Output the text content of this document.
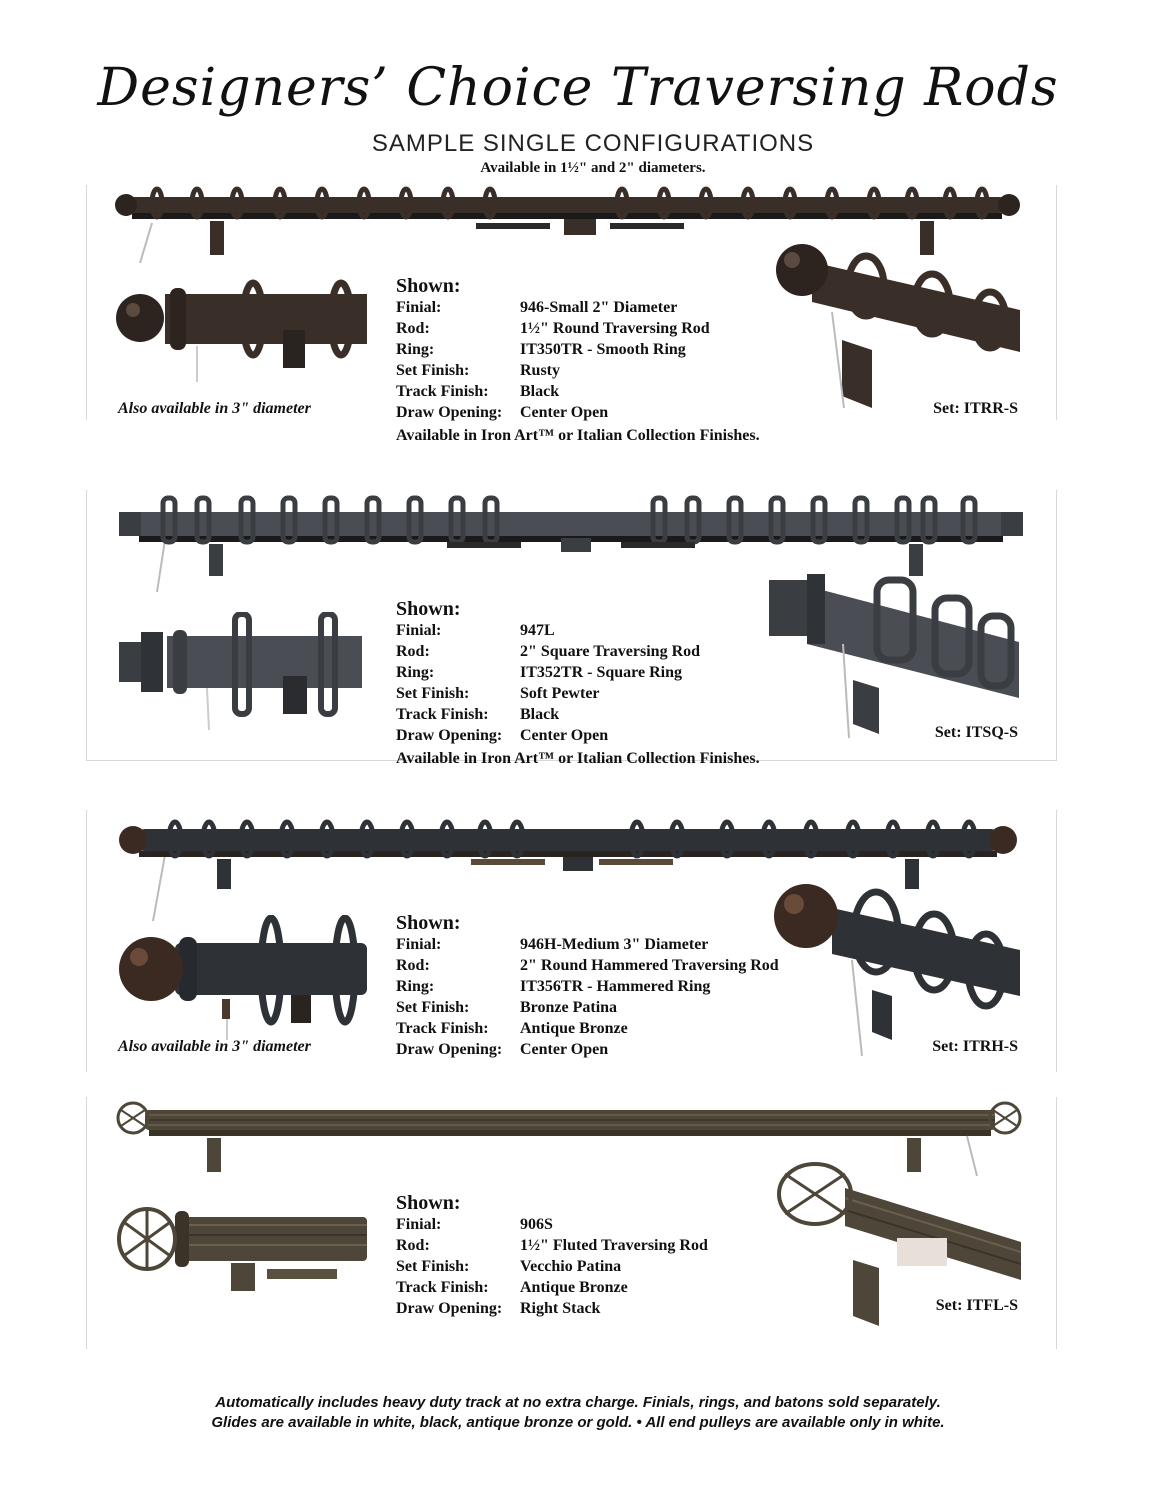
Designers’ Choice Traversing Rods
SAMPLE SINGLE CONFIGURATIONS
Available in 1½" and 2" diameters.
Shown:
Finial:	946-Small 2" Diameter
Rod:	1½" Round Traversing Rod
Ring:	IT350TR - Smooth Ring
Set Finish:	Rusty
Track Finish:	Black
Draw Opening:	Center Open
Available in Iron Art™ or Italian Collection Finishes.
Also available in 3" diameter	Set: ITRR-S
Shown:
Finial:	947L
Rod:	2" Square Traversing Rod
Ring:	IT352TR - Square Ring
Set Finish:	Soft Pewter
Track Finish:	Black
Draw Opening:	Center Open
Available in Iron Art™ or Italian Collection Finishes.
Set: ITSQ-S
Shown:
Finial:	946H-Medium 3" Diameter
Rod:	2" Round Hammered Traversing Rod
Ring:	IT356TR - Hammered Ring
Set Finish:	Bronze Patina
Track Finish:	Antique Bronze
Draw Opening:	Center Open
Also available in 3" diameter	Set: ITRH-S
Shown:
Finial:	906S
Rod:	1½" Fluted Traversing Rod
Set Finish:	Vecchio Patina
Track Finish:	Antique Bronze
Draw Opening:	Right Stack	Set: ITFL-S
Automatically includes heavy duty track at no extra charge. Finials, rings, and batons sold separately.
Glides are available in white, black, antique bronze or gold. • All end pulleys are available only in white.
